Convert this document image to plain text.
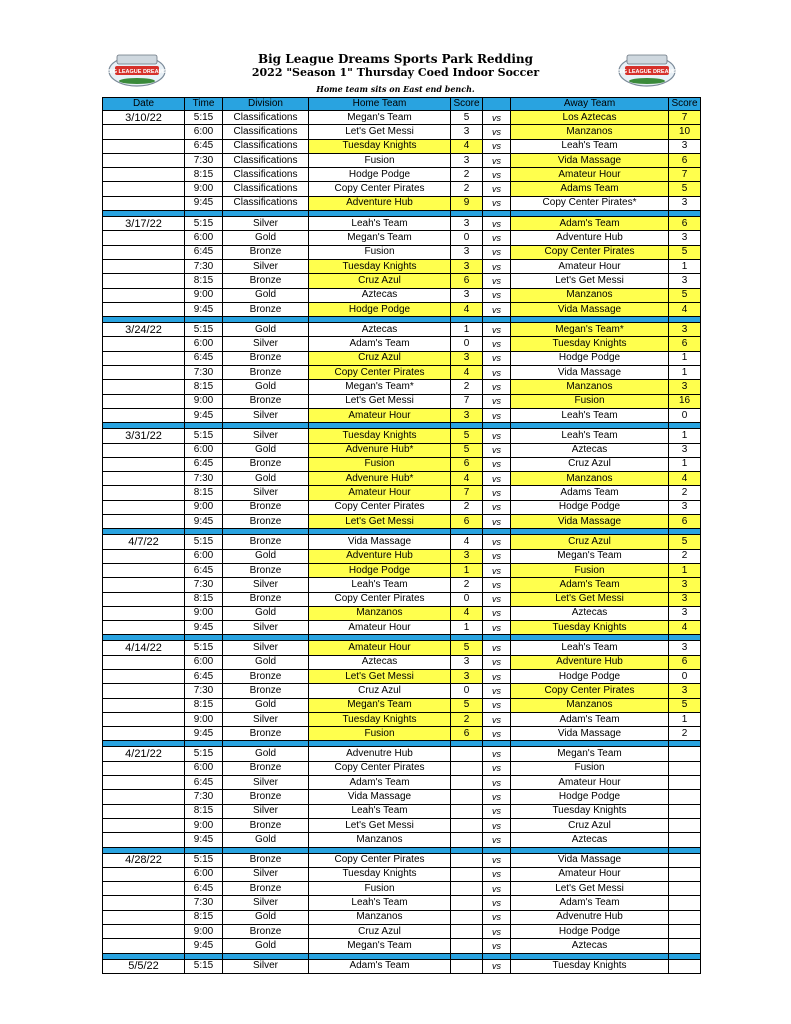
BIG LEAGUE DREAMS	BIG LEAGUE DREAMS
Big League Dreams Sports Park Redding
2022 "Season 1" Thursday Coed Indoor Soccer
Home team sits on East end bench.
Date	Time	Division	Home Team	Score		Away Team	Score
3/10/22	5:15	Classifications	Megan's Team	5	vs	Los Aztecas	7
	6:00	Classifications	Let's Get Messi	3	vs	Manzanos	10
	6:45	Classifications	Tuesday Knights	4	vs	Leah's Team	3
	7:30	Classifications	Fusion	3	vs	Vida Massage	6
	8:15	Classifications	Hodge Podge	2	vs	Amateur Hour	7
	9:00	Classifications	Copy Center Pirates	2	vs	Adams Team	5
	9:45	Classifications	Adventure Hub	9	vs	Copy Center Pirates*	3

3/17/22	5:15	Silver	Leah's Team	3	vs	Adam's Team	6
	6:00	Gold	Megan's Team	0	vs	Adventure Hub	3
	6:45	Bronze	Fusion	3	vs	Copy Center Pirates	5
	7:30	Silver	Tuesday Knights	3	vs	Amateur Hour	1
	8:15	Bronze	Cruz Azul	6	vs	Let's Get Messi	3
	9:00	Gold	Aztecas	3	vs	Manzanos	5
	9:45	Bronze	Hodge Podge	4	vs	Vida Massage	4

3/24/22	5:15	Gold	Aztecas	1	vs	Megan's Team*	3
	6:00	Silver	Adam's Team	0	vs	Tuesday Knights	6
	6:45	Bronze	Cruz Azul	3	vs	Hodge Podge	1
	7:30	Bronze	Copy Center Pirates	4	vs	Vida Massage	1
	8:15	Gold	Megan's Team*	2	vs	Manzanos	3
	9:00	Bronze	Let's Get Messi	7	vs	Fusion	16
	9:45	Silver	Amateur Hour	3	vs	Leah's Team	0

3/31/22	5:15	Silver	Tuesday Knights	5	vs	Leah's Team	1
	6:00	Gold	Advenure Hub*	5	vs	Aztecas	3
	6:45	Bronze	Fusion	6	vs	Cruz Azul	1
	7:30	Gold	Advenure Hub*	4	vs	Manzanos	4
	8:15	Silver	Amateur Hour	7	vs	Adams Team	2
	9:00	Bronze	Copy Center Pirates	2	vs	Hodge Podge	3
	9:45	Bronze	Let's Get Messi	6	vs	Vida Massage	6

4/7/22	5:15	Bronze	Vida Massage	4	vs	Cruz Azul	5
	6:00	Gold	Adventure Hub	3	vs	Megan's Team	2
	6:45	Bronze	Hodge Podge	1	vs	Fusion	1
	7:30	Silver	Leah's Team	2	vs	Adam's Team	3
	8:15	Bronze	Copy Center Pirates	0	vs	Let's Get Messi	3
	9:00	Gold	Manzanos	4	vs	Aztecas	3
	9:45	Silver	Amateur Hour	1	vs	Tuesday Knights	4

4/14/22	5:15	Silver	Amateur Hour	5	vs	Leah's Team	3
	6:00	Gold	Aztecas	3	vs	Adventure Hub	6
	6:45	Bronze	Let's Get Messi	3	vs	Hodge Podge	0
	7:30	Bronze	Cruz Azul	0	vs	Copy Center Pirates	3
	8:15	Gold	Megan's Team	5	vs	Manzanos	5
	9:00	Silver	Tuesday Knights	2	vs	Adam's Team	1
	9:45	Bronze	Fusion	6	vs	Vida Massage	2

4/21/22	5:15	Gold	Advenutre Hub		vs	Megan's Team	
	6:00	Bronze	Copy Center Pirates		vs	Fusion	
	6:45	Silver	Adam's Team		vs	Amateur Hour	
	7:30	Bronze	Vida Massage		vs	Hodge Podge	
	8:15	Silver	Leah's Team		vs	Tuesday Knights	
	9:00	Bronze	Let's Get Messi		vs	Cruz Azul	
	9:45	Gold	Manzanos		vs	Aztecas	

4/28/22	5:15	Bronze	Copy Center Pirates		vs	Vida Massage	
	6:00	Silver	Tuesday Knights		vs	Amateur Hour	
	6:45	Bronze	Fusion		vs	Let's Get Messi	
	7:30	Silver	Leah's Team		vs	Adam's Team	
	8:15	Gold	Manzanos		vs	Advenutre Hub	
	9:00	Bronze	Cruz Azul		vs	Hodge Podge	
	9:45	Gold	Megan's Team		vs	Aztecas	

5/5/22	5:15	Silver	Adam's Team		vs	Tuesday Knights	
